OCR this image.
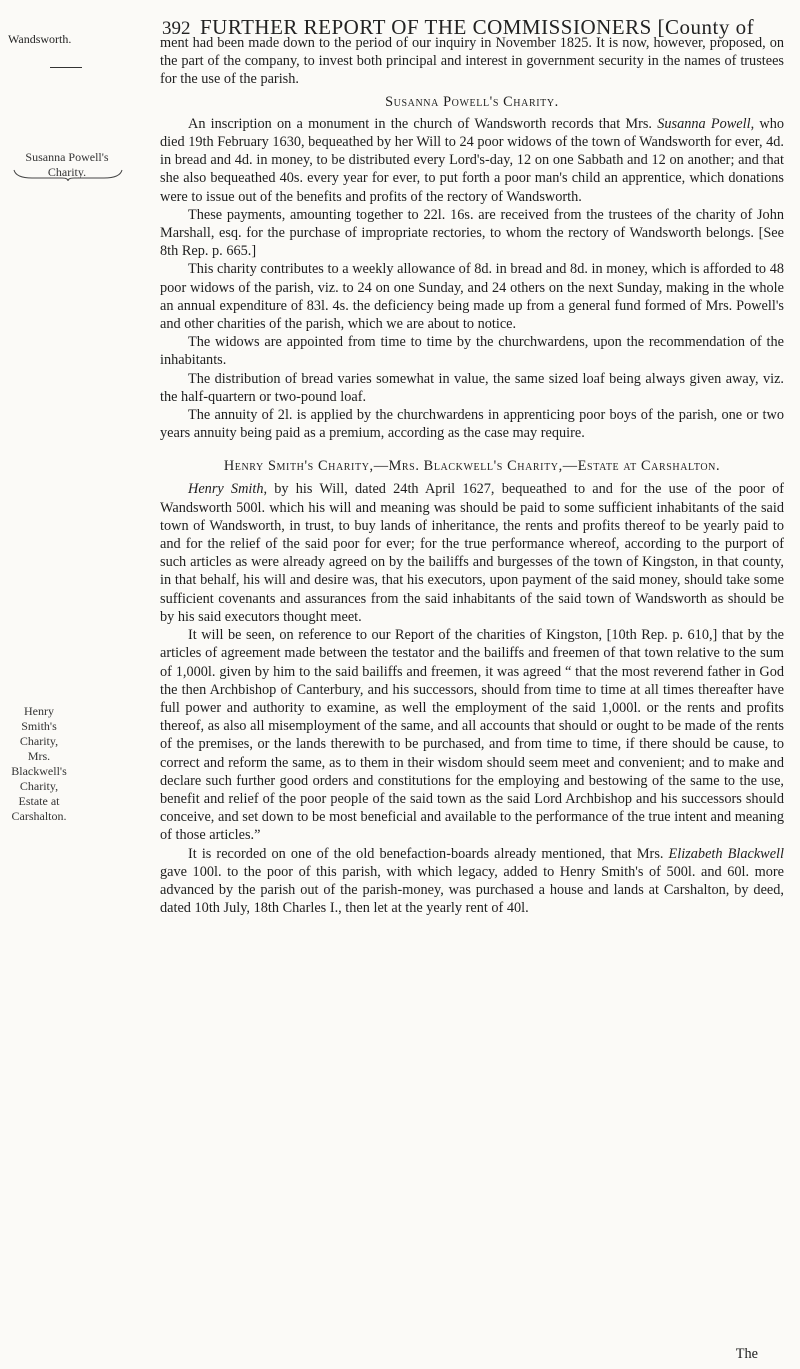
Wandsworth.	392 FURTHER REPORT OF THE COMMISSIONERS [County of
Susanna Powell's Charity.
Henry Smith's Charity, Mrs. Blackwell's Charity, Estate at Carshalton.

ment had been made down to the period of our inquiry in November 1825. It is now, however, proposed, on the part of the company, to invest both principal and interest in government security in the names of trustees for the use of the parish.

Susanna Powell's Charity.

An inscription on a monument in the church of Wandsworth records that Mrs. Susanna Powell, who died 19th February 1630, bequeathed by her Will to 24 poor widows of the town of Wandsworth for ever, 4d. in bread and 4d. in money, to be distributed every Lord's-day, 12 on one Sabbath and 12 on another; and that she also bequeathed 40s. every year for ever, to put forth a poor man's child an apprentice, which donations were to issue out of the benefits and profits of the rectory of Wandsworth.

These payments, amounting together to 22l. 16s. are received from the trustees of the charity of John Marshall, esq. for the purchase of impropriate rectories, to whom the rectory of Wandsworth belongs. [See 8th Rep. p. 665.]

This charity contributes to a weekly allowance of 8d. in bread and 8d. in money, which is afforded to 48 poor widows of the parish, viz. to 24 on one Sunday, and 24 others on the next Sunday, making in the whole an annual expenditure of 83l. 4s. the deficiency being made up from a general fund formed of Mrs. Powell's and other charities of the parish, which we are about to notice.

The widows are appointed from time to time by the churchwardens, upon the recommendation of the inhabitants.

The distribution of bread varies somewhat in value, the same sized loaf being always given away, viz. the half-quartern or two-pound loaf.

The annuity of 2l. is applied by the churchwardens in apprenticing poor boys of the parish, one or two years annuity being paid as a premium, according as the case may require.

Henry Smith's Charity,—Mrs. Blackwell's Charity,—Estate at Carshalton.

Henry Smith, by his Will, dated 24th April 1627, bequeathed to and for the use of the poor of Wandsworth 500l. which his will and meaning was should be paid to some sufficient inhabitants of the said town of Wandsworth, in trust, to buy lands of inheritance, the rents and profits thereof to be yearly paid to and for the relief of the said poor for ever; for the true performance whereof, according to the purport of such articles as were already agreed on by the bailiffs and burgesses of the town of Kingston, in that county, in that behalf, his will and desire was, that his executors, upon payment of the said money, should take some sufficient covenants and assurances from the said inhabitants of the said town of Wandsworth as should be by his said executors thought meet.

It will be seen, on reference to our Report of the charities of Kingston, [10th Rep. p. 610,] that by the articles of agreement made between the testator and the bailiffs and freemen of that town relative to the sum of 1,000l. given by him to the said bailiffs and freemen, it was agreed “ that the most reverend father in God the then Archbishop of Canterbury, and his successors, should from time to time at all times thereafter have full power and authority to examine, as well the employment of the said 1,000l. or the rents and profits thereof, as also all misemployment of the same, and all accounts that should or ought to be made of the rents of the premises, or the lands therewith to be purchased, and from time to time, if there should be cause, to correct and reform the same, as to them in their wisdom should seem meet and convenient; and to make and declare such further good orders and constitutions for the employing and bestowing of the same to the use, benefit and relief of the poor people of the said town as the said Lord Archbishop and his successors should conceive, and set down to be most beneficial and available to the performance of the true intent and meaning of those articles.”

It is recorded on one of the old benefaction-boards already mentioned, that Mrs. Elizabeth Blackwell gave 100l. to the poor of this parish, with which legacy, added to Henry Smith's of 500l. and 60l. more advanced by the parish out of the parish-money, was purchased a house and lands at Carshalton, by deed, dated 10th July, 18th Charles I., then let at the yearly rent of 40l.

The
